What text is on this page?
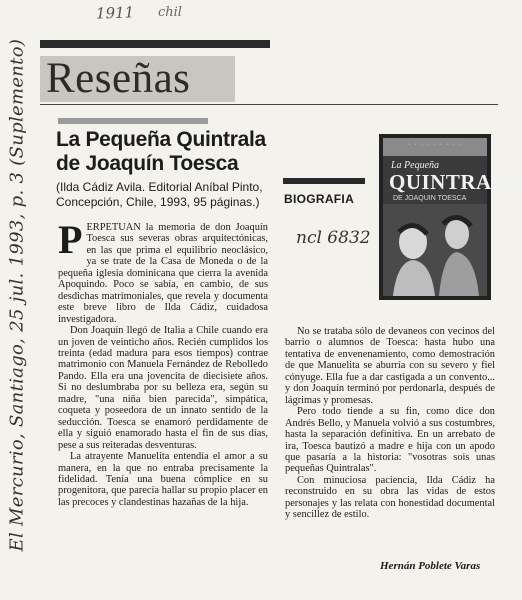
1911 chil
El Mercurio, Santiago, 25 jul. 1993, p. 3 (Suplemento)	ncl 6832
Reseñas
La Pequeña Quintrala de Joaquín Toesca
(Ilda Cádiz Avila. Editorial Aníbal Pinto, Concepción, Chile, 1993, 95 páginas.)	BIOGRAFIA
· · · · · · · · ·
La Pequeña
QUINTRALA
DE JOAQUIN TOESCA

PERPETUAN la memoria de don Joaquín Toesca sus severas obras arquitectónicas, en las que prima el equilibrio neoclásico, ya se trate de la Casa de Moneda o de la pequeña iglesia dominicana que cierra la avenida Apoquindo. Poco se sabía, en cambio, de sus desdichas matrimoniales, que revela y documenta este breve libro de Ilda Cádiz, cuidadosa investigadora.

Don Joaquín llegó de Italia a Chile cuando era un joven de veinticho años. Recién cumplidos los treinta (edad madura para esos tiempos) contrae matrimonio con Manuela Fernández de Rebolledo Pando. Ella era una jovencita de diecisiete años. Si no deslumbraba por su belleza era, según su madre, "una niña bien parecida", simpática, coqueta y poseedora de un innato sentido de la seducción. Toesca se enamoró perdidamente de ella y siguió enamorado hasta el fin de sus días, pese a sus reiteradas desventuras.

La atrayente Manuelita entendía el amor a su manera, en la que no entraba precisamente la fidelidad. Tenía una buena cómplice en su progenitora, que parecía hallar su propio placer en las precoces y clandestinas hazañas de la hija.

No se trataba sólo de devaneos con vecinos del barrio o alumnos de Toesca: hasta hubo una tentativa de envenenamiento, como demostración de que Manuelita se aburría con su severo y fiel cónyuge. Ella fue a dar castigada a un convento... y don Joaquín terminó por perdonarla, después de lágrimas y promesas.

Pero todo tiende a su fin, como dice don Andrés Bello, y Manuela volvió a sus costumbres, hasta la separación definitiva. En un arrebato de ira, Toesca bautizó a madre e hija con un apodo que pasaría a la historia: "vosotras sois unas pequeñas Quintralas".

Con minuciosa paciencia, Ilda Cádiz ha reconstruido en su obra las vidas de estos personajes y las relata con honestidad documental y sencillez de estilo.

Hernán Poblete Varas
